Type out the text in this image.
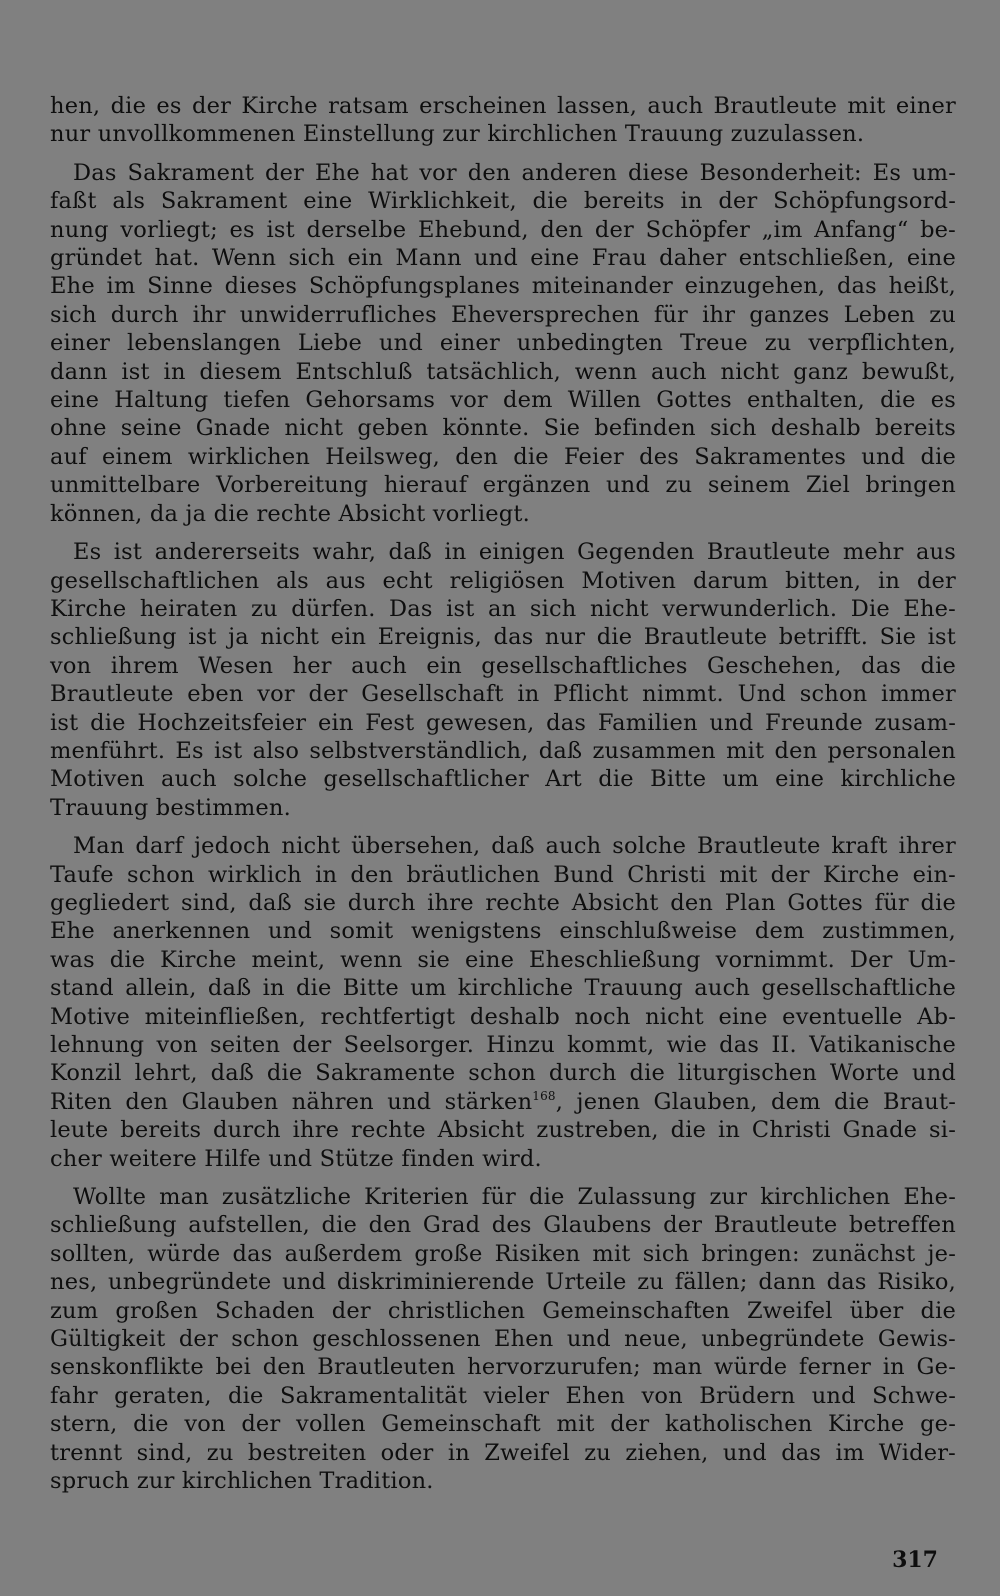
hen, die es der Kirche ratsam erscheinen lassen, auch Brautleute mit einer
nur unvollkommenen Einstellung zur kirchlichen Trauung zuzulassen.
Das Sakrament der Ehe hat vor den anderen diese Besonderheit: Es um-
faßt als Sakrament eine Wirklichkeit, die bereits in der Schöpfungsord-
nung vorliegt; es ist derselbe Ehebund, den der Schöpfer „im Anfang“ be-
gründet hat. Wenn sich ein Mann und eine Frau daher entschließen, eine
Ehe im Sinne dieses Schöpfungsplanes miteinander einzugehen, das heißt,
sich durch ihr unwiderrufliches Eheversprechen für ihr ganzes Leben zu
einer lebenslangen Liebe und einer unbedingten Treue zu verpflichten,
dann ist in diesem Entschluß tatsächlich, wenn auch nicht ganz bewußt,
eine Haltung tiefen Gehorsams vor dem Willen Gottes enthalten, die es
ohne seine Gnade nicht geben könnte. Sie befinden sich deshalb bereits
auf einem wirklichen Heilsweg, den die Feier des Sakramentes und die
unmittelbare Vorbereitung hierauf ergänzen und zu seinem Ziel bringen
können, da ja die rechte Absicht vorliegt.
Es ist andererseits wahr, daß in einigen Gegenden Brautleute mehr aus
gesellschaftlichen als aus echt religiösen Motiven darum bitten, in der
Kirche heiraten zu dürfen. Das ist an sich nicht verwunderlich. Die Ehe-
schließung ist ja nicht ein Ereignis, das nur die Brautleute betrifft. Sie ist
von ihrem Wesen her auch ein gesellschaftliches Geschehen, das die
Brautleute eben vor der Gesellschaft in Pflicht nimmt. Und schon immer
ist die Hochzeitsfeier ein Fest gewesen, das Familien und Freunde zusam-
menführt. Es ist also selbstverständlich, daß zusammen mit den personalen
Motiven auch solche gesellschaftlicher Art die Bitte um eine kirchliche
Trauung bestimmen.
Man darf jedoch nicht übersehen, daß auch solche Brautleute kraft ihrer
Taufe schon wirklich in den bräutlichen Bund Christi mit der Kirche ein-
gegliedert sind, daß sie durch ihre rechte Absicht den Plan Gottes für die
Ehe anerkennen und somit wenigstens einschlußweise dem zustimmen,
was die Kirche meint, wenn sie eine Eheschließung vornimmt. Der Um-
stand allein, daß in die Bitte um kirchliche Trauung auch gesellschaftliche
Motive miteinfließen, rechtfertigt deshalb noch nicht eine eventuelle Ab-
lehnung von seiten der Seelsorger. Hinzu kommt, wie das II. Vatikanische
Konzil lehrt, daß die Sakramente schon durch die liturgischen Worte und
Riten den Glauben nähren und stärken$^{168}$, jenen Glauben, dem die Braut-
leute bereits durch ihre rechte Absicht zustreben, die in Christi Gnade si-
cher weitere Hilfe und Stütze finden wird.
Wollte man zusätzliche Kriterien für die Zulassung zur kirchlichen Ehe-
schließung aufstellen, die den Grad des Glaubens der Brautleute betreffen
sollten, würde das außerdem große Risiken mit sich bringen: zunächst je-
nes, unbegründete und diskriminierende Urteile zu fällen; dann das Risiko,
zum großen Schaden der christlichen Gemeinschaften Zweifel über die
Gültigkeit der schon geschlossenen Ehen und neue, unbegründete Gewis-
senskonflikte bei den Brautleuten hervorzurufen; man würde ferner in Ge-
fahr geraten, die Sakramentalität vieler Ehen von Brüdern und Schwe-
stern, die von der vollen Gemeinschaft mit der katholischen Kirche ge-
trennt sind, zu bestreiten oder in Zweifel zu ziehen, und das im Wider-
spruch zur kirchlichen Tradition.
317
